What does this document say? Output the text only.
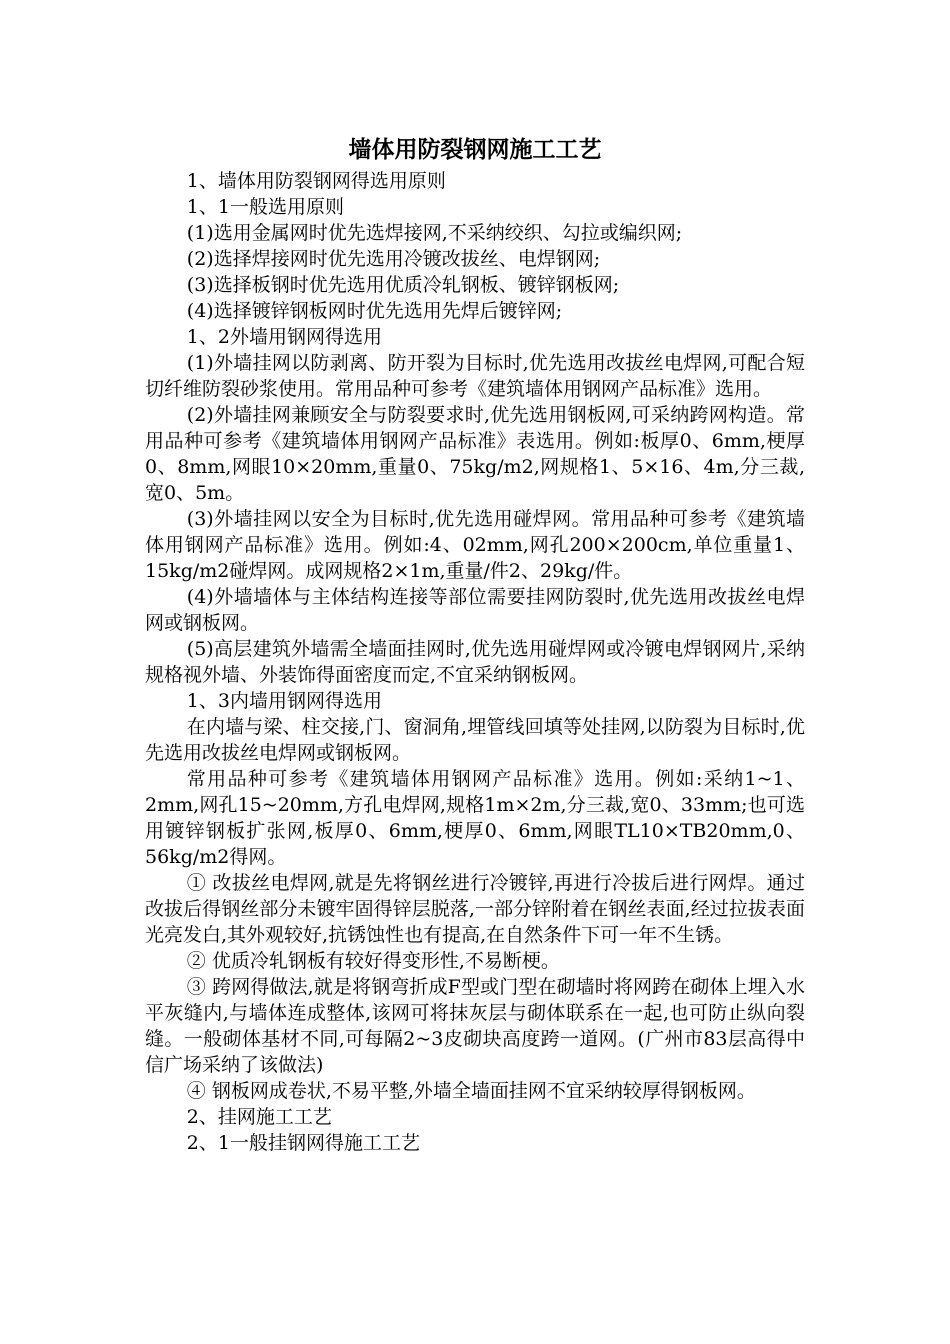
墙体用防裂钢网施工工艺

1、墙体用防裂钢网得选用原则

1、1一般选用原则

(1)选用金属网时优先选焊接网,不采纳绞织、勾拉或编织网;

(2)选择焊接网时优先选用冷镀改拔丝、电焊钢网;

(3)选择板钢时优先选用优质冷轧钢板、镀锌钢板网;

(4)选择镀锌钢板网时优先选用先焊后镀锌网;

1、2外墙用钢网得选用

(1)外墙挂网以防剥离、防开裂为目标时,优先选用改拔丝电焊网,可配合短切纤维防裂砂浆使用。常用品种可参考《建筑墙体用钢网产品标准》选用。

(2)外墙挂网兼顾安全与防裂要求时,优先选用钢板网,可采纳跨网构造。常用品种可参考《建筑墙体用钢网产品标准》表选用。例如:板厚0、6mm,梗厚0、8mm,网眼10×20mm,重量0、75kg/m2,网规格1、5×16、4m,分三裁,宽0、5m。

(3)外墙挂网以安全为目标时,优先选用碰焊网。常用品种可参考《建筑墙体用钢网产品标准》选用。例如:4、02mm,网孔200×200cm,单位重量1、15kg/m2碰焊网。成网规格2×1m,重量/件2、29kg/件。

(4)外墙墙体与主体结构连接等部位需要挂网防裂时,优先选用改拔丝电焊网或钢板网。

(5)高层建筑外墙需全墙面挂网时,优先选用碰焊网或冷镀电焊钢网片,采纳规格视外墙、外装饰得面密度而定,不宜采纳钢板网。

1、3内墙用钢网得选用

在内墙与梁、柱交接,门、窗洞角,埋管线回填等处挂网,以防裂为目标时,优先选用改拔丝电焊网或钢板网。

常用品种可参考《建筑墙体用钢网产品标准》选用。例如:采纳1~1、2mm,网孔15~20mm,方孔电焊网,规格1m×2m,分三裁,宽0、33mm;也可选用镀锌钢板扩张网,板厚0、6mm,梗厚0、6mm,网眼TL10×TB20mm,0、56kg/m2得网。

① 改拔丝电焊网,就是先将钢丝进行冷镀锌,再进行冷拔后进行网焊。通过改拔后得钢丝部分未镀牢固得锌层脱落,一部分锌附着在钢丝表面,经过拉拔表面光亮发白,其外观较好,抗锈蚀性也有提高,在自然条件下可一年不生锈。

② 优质冷轧钢板有较好得变形性,不易断梗。

③ 跨网得做法,就是将钢弯折成F型或门型在砌墙时将网跨在砌体上埋入水平灰缝内,与墙体连成整体,该网可将抹灰层与砌体联系在一起,也可防止纵向裂缝。一般砌体基材不同,可每隔2~3皮砌块高度跨一道网。(广州市83层高得中信广场采纳了该做法)

④ 钢板网成卷状,不易平整,外墙全墙面挂网不宜采纳较厚得钢板网。

2、挂网施工工艺

2、1一般挂钢网得施工工艺
